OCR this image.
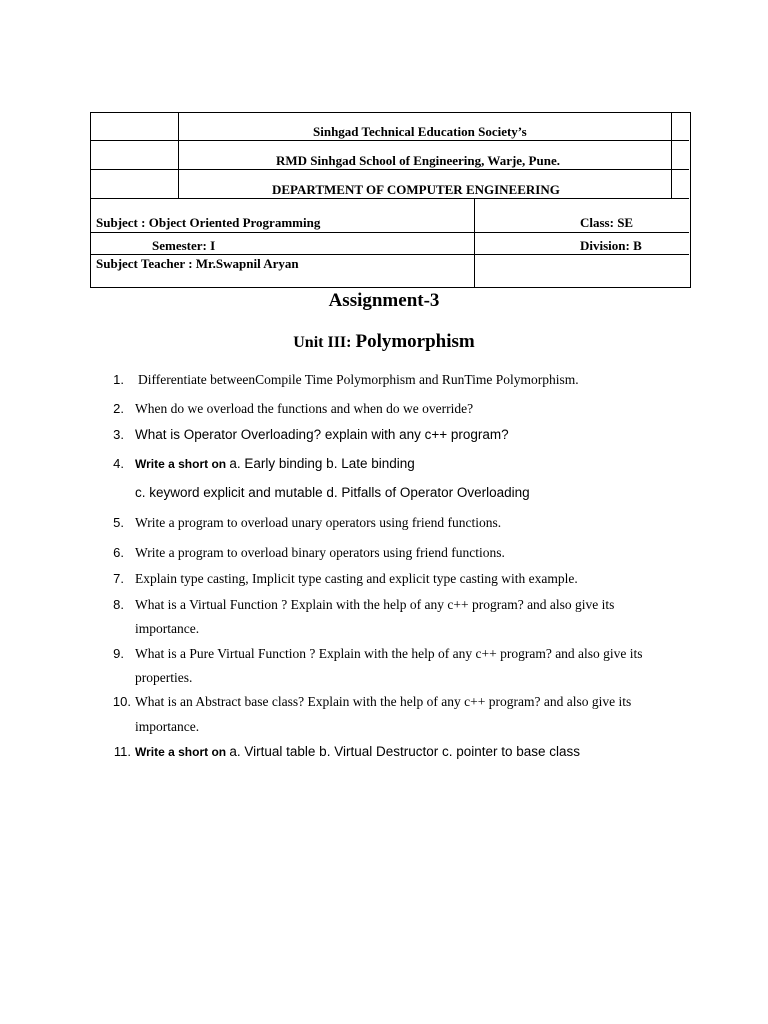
Sinhgad Technical Education Society’s
RMD Sinhgad School of Engineering, Warje, Pune.
DEPARTMENT OF COMPUTER ENGINEERING
Subject : Object Oriented Programming	Class: SE
Semester: I	Division: B
Subject Teacher : Mr.Swapnil Aryan
Assignment-3
Unit III: Polymorphism
1. Differentiate betweenCompile Time Polymorphism and RunTime Polymorphism.
2. When do we overload the functions and when do we override?
3. What is Operator Overloading? explain with any c++ program?
4. Write a short on a. Early binding b. Late binding
c. keyword explicit and mutable d. Pitfalls of Operator Overloading
5. Write a program to overload unary operators using friend functions.
6. Write a program to overload binary operators using friend functions.
7. Explain type casting, Implicit type casting and explicit type casting with example.
8. What is a Virtual Function ? Explain with the help of any c++ program? and also give its
importance.
9. What is a Pure Virtual Function ? Explain with the help of any c++ program? and also give its
properties.
10. What is an Abstract base class? Explain with the help of any c++ program? and also give its
importance.
11. Write a short on a. Virtual table b. Virtual Destructor c. pointer to base class
